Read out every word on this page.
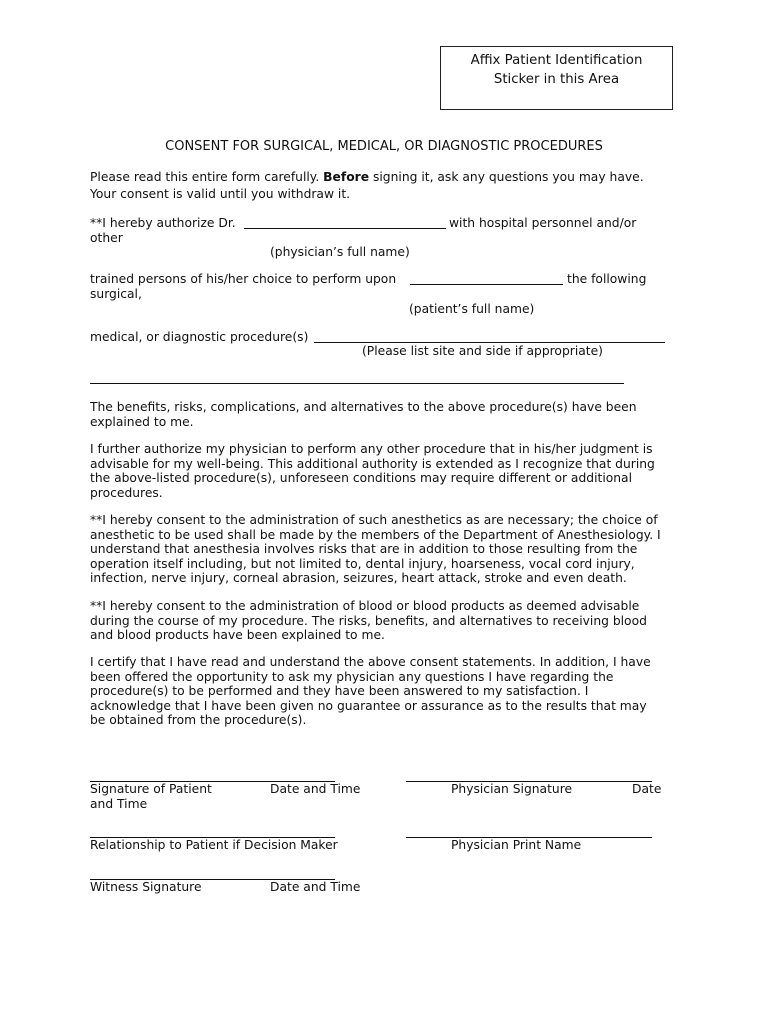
Affix Patient Identification
Sticker in this Area
CONSENT FOR SURGICAL, MEDICAL, OR DIAGNOSTIC PROCEDURES
Please read this entire form carefully. Before signing it, ask any questions you may have.
Your consent is valid until you withdraw it.
**I hereby authorize Dr.	with hospital personnel and/or
other
(physician’s full name)
trained persons of his/her choice to perform upon	the following
surgical,
(patient’s full name)
medical, or diagnostic procedure(s)
(Please list site and side if appropriate)
The benefits, risks, complications, and alternatives to the above procedure(s) have been
explained to me.
I further authorize my physician to perform any other procedure that in his/her judgment is
advisable for my well-being. This additional authority is extended as I recognize that during
the above-listed procedure(s), unforeseen conditions may require different or additional
procedures.
**I hereby consent to the administration of such anesthetics as are necessary; the choice of
anesthetic to be used shall be made by the members of the Department of Anesthesiology. I
understand that anesthesia involves risks that are in addition to those resulting from the
operation itself including, but not limited to, dental injury, hoarseness, vocal cord injury,
infection, nerve injury, corneal abrasion, seizures, heart attack, stroke and even death.
**I hereby consent to the administration of blood or blood products as deemed advisable
during the course of my procedure. The risks, benefits, and alternatives to receiving blood
and blood products have been explained to me.
I certify that I have read and understand the above consent statements. In addition, I have
been offered the opportunity to ask my physician any questions I have regarding the
procedure(s) to be performed and they have been answered to my satisfaction. I
acknowledge that I have been given no guarantee or assurance as to the results that may
be obtained from the procedure(s).
Signature of Patient	Date and Time	Physician Signature	Date
and Time
Relationship to Patient if Decision Maker	Physician Print Name
Witness Signature	Date and Time
